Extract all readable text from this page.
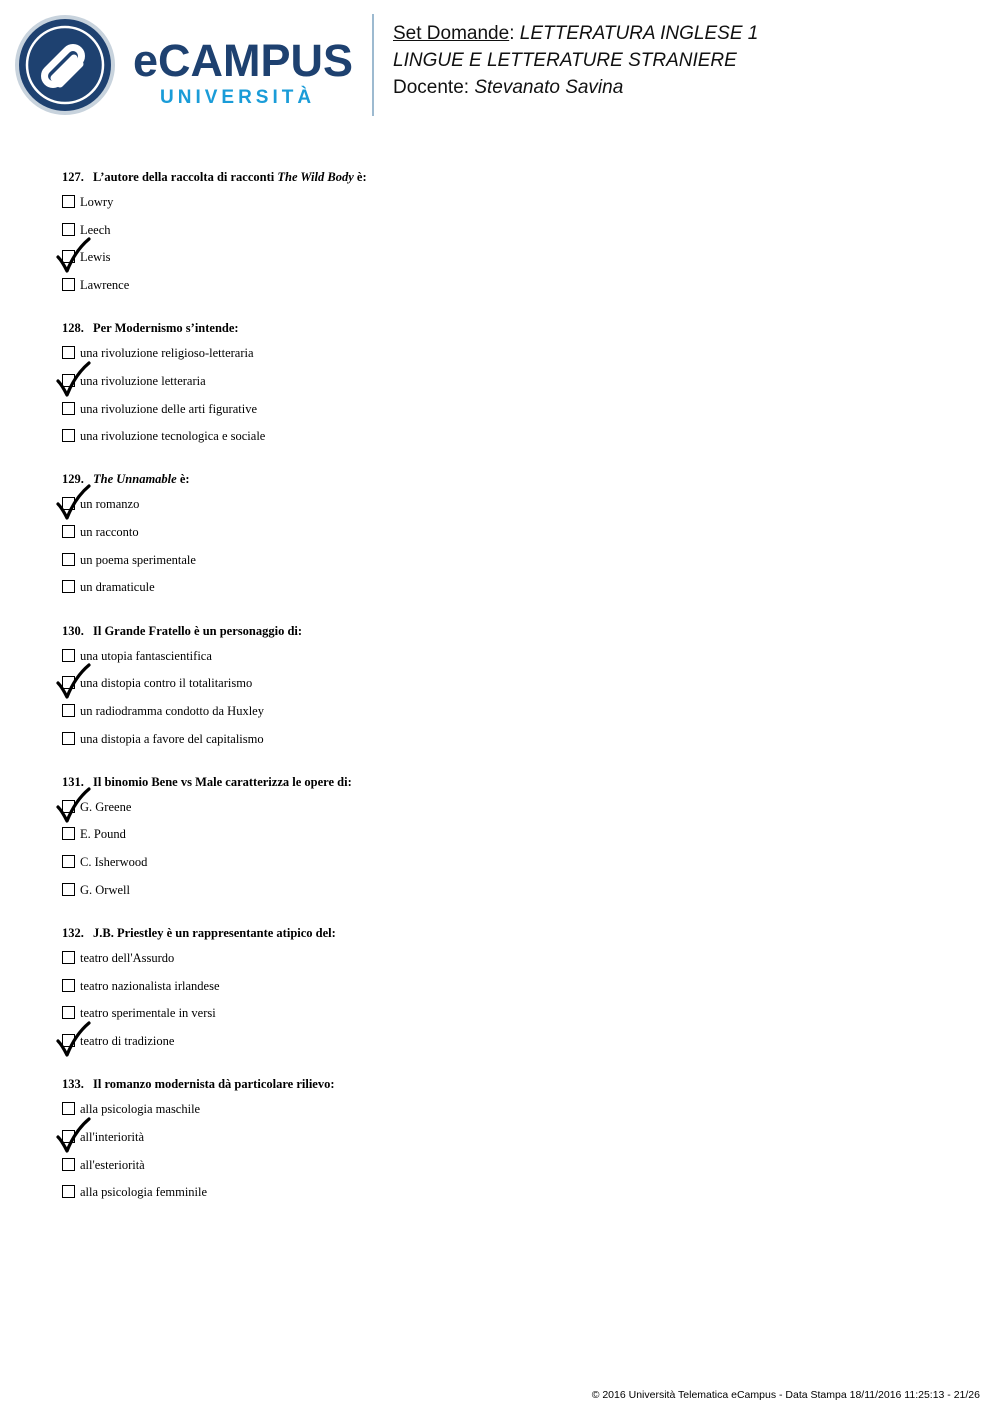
eCAMPUS
UNIVERSITÀ
Set Domande: LETTERATURA INGLESE 1
LINGUE E LETTERATURE STRANIERE
Docente: Stevanato Savina
127. L’autore della raccolta di racconti The Wild Body è:
Lowry
Leech
Lewis
Lawrence
128. Per Modernismo s’intende:
una rivoluzione religioso-letteraria
una rivoluzione letteraria
una rivoluzione delle arti figurative
una rivoluzione tecnologica e sociale
129. The Unnamable è:
un romanzo
un racconto
un poema sperimentale
un dramaticule
130. Il Grande Fratello è un personaggio di:
una utopia fantascientifica
una distopia contro il totalitarismo
un radiodramma condotto da Huxley
una distopia a favore del capitalismo
131. Il binomio Bene vs Male caratterizza le opere di:
G. Greene
E. Pound
C. Isherwood
G. Orwell
132. J.B. Priestley è un rappresentante atipico del:
teatro dell'Assurdo
teatro nazionalista irlandese
teatro sperimentale in versi
teatro di tradizione
133. Il romanzo modernista dà particolare rilievo:
alla psicologia maschile
all'interiorità
all'esteriorità
alla psicologia femminile
© 2016 Università Telematica eCampus - Data Stampa 18/11/2016 11:25:13 - 21/26
